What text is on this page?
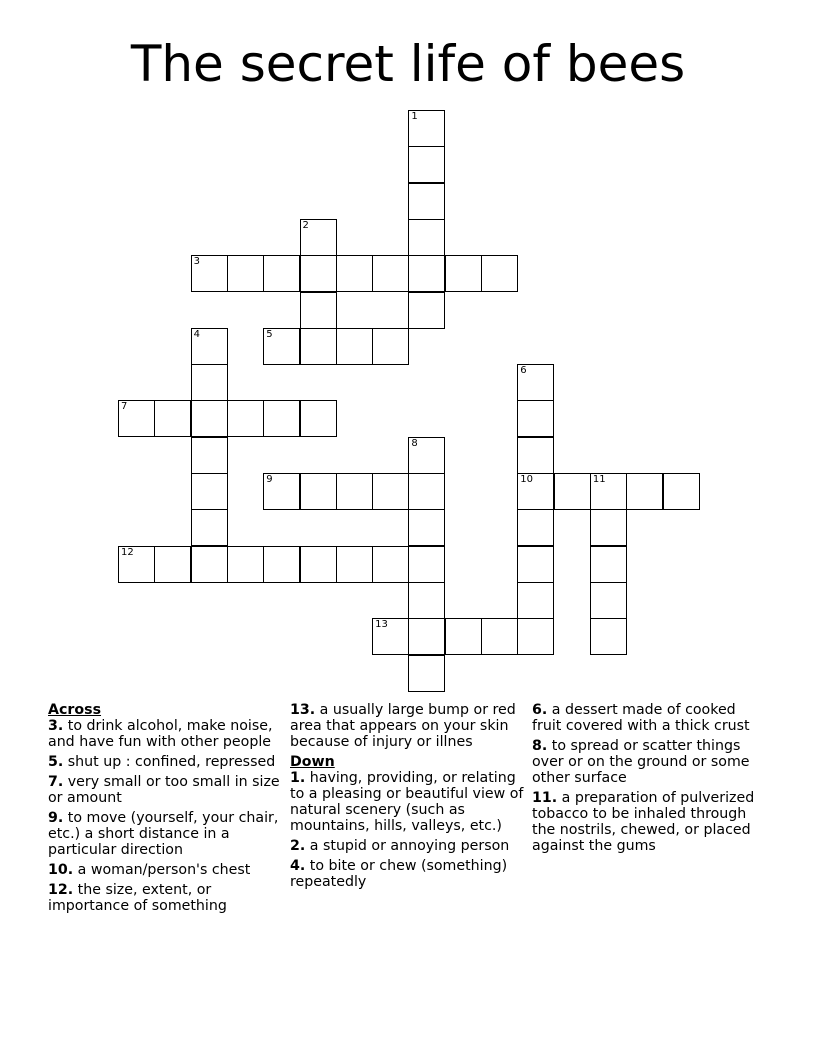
The secret life of bees
1
2
3
4	5
6
10
7
8
9	11
12
13
Across
3. to drink alcohol, make noise, and have fun with other people
5. shut up : confined, repressed
7. very small or too small in size or amount
9. to move (yourself, your chair, etc.) a short distance in a particular direction
10. a woman/person's chest
12. the size, extent, or importance of something
13. a usually large bump or red area that appears on your skin because of injury or illnes
Down
1. having, providing, or relating to a pleasing or beautiful view of natural scenery (such as mountains, hills, valleys, etc.)
2. a stupid or annoying person
4. to bite or chew (something) repeatedly
6. a dessert made of cooked fruit covered with a thick crust
8. to spread or scatter things over or on the ground or some other surface
11. a preparation of pulverized tobacco to be inhaled through the nostrils, chewed, or placed against the gums
